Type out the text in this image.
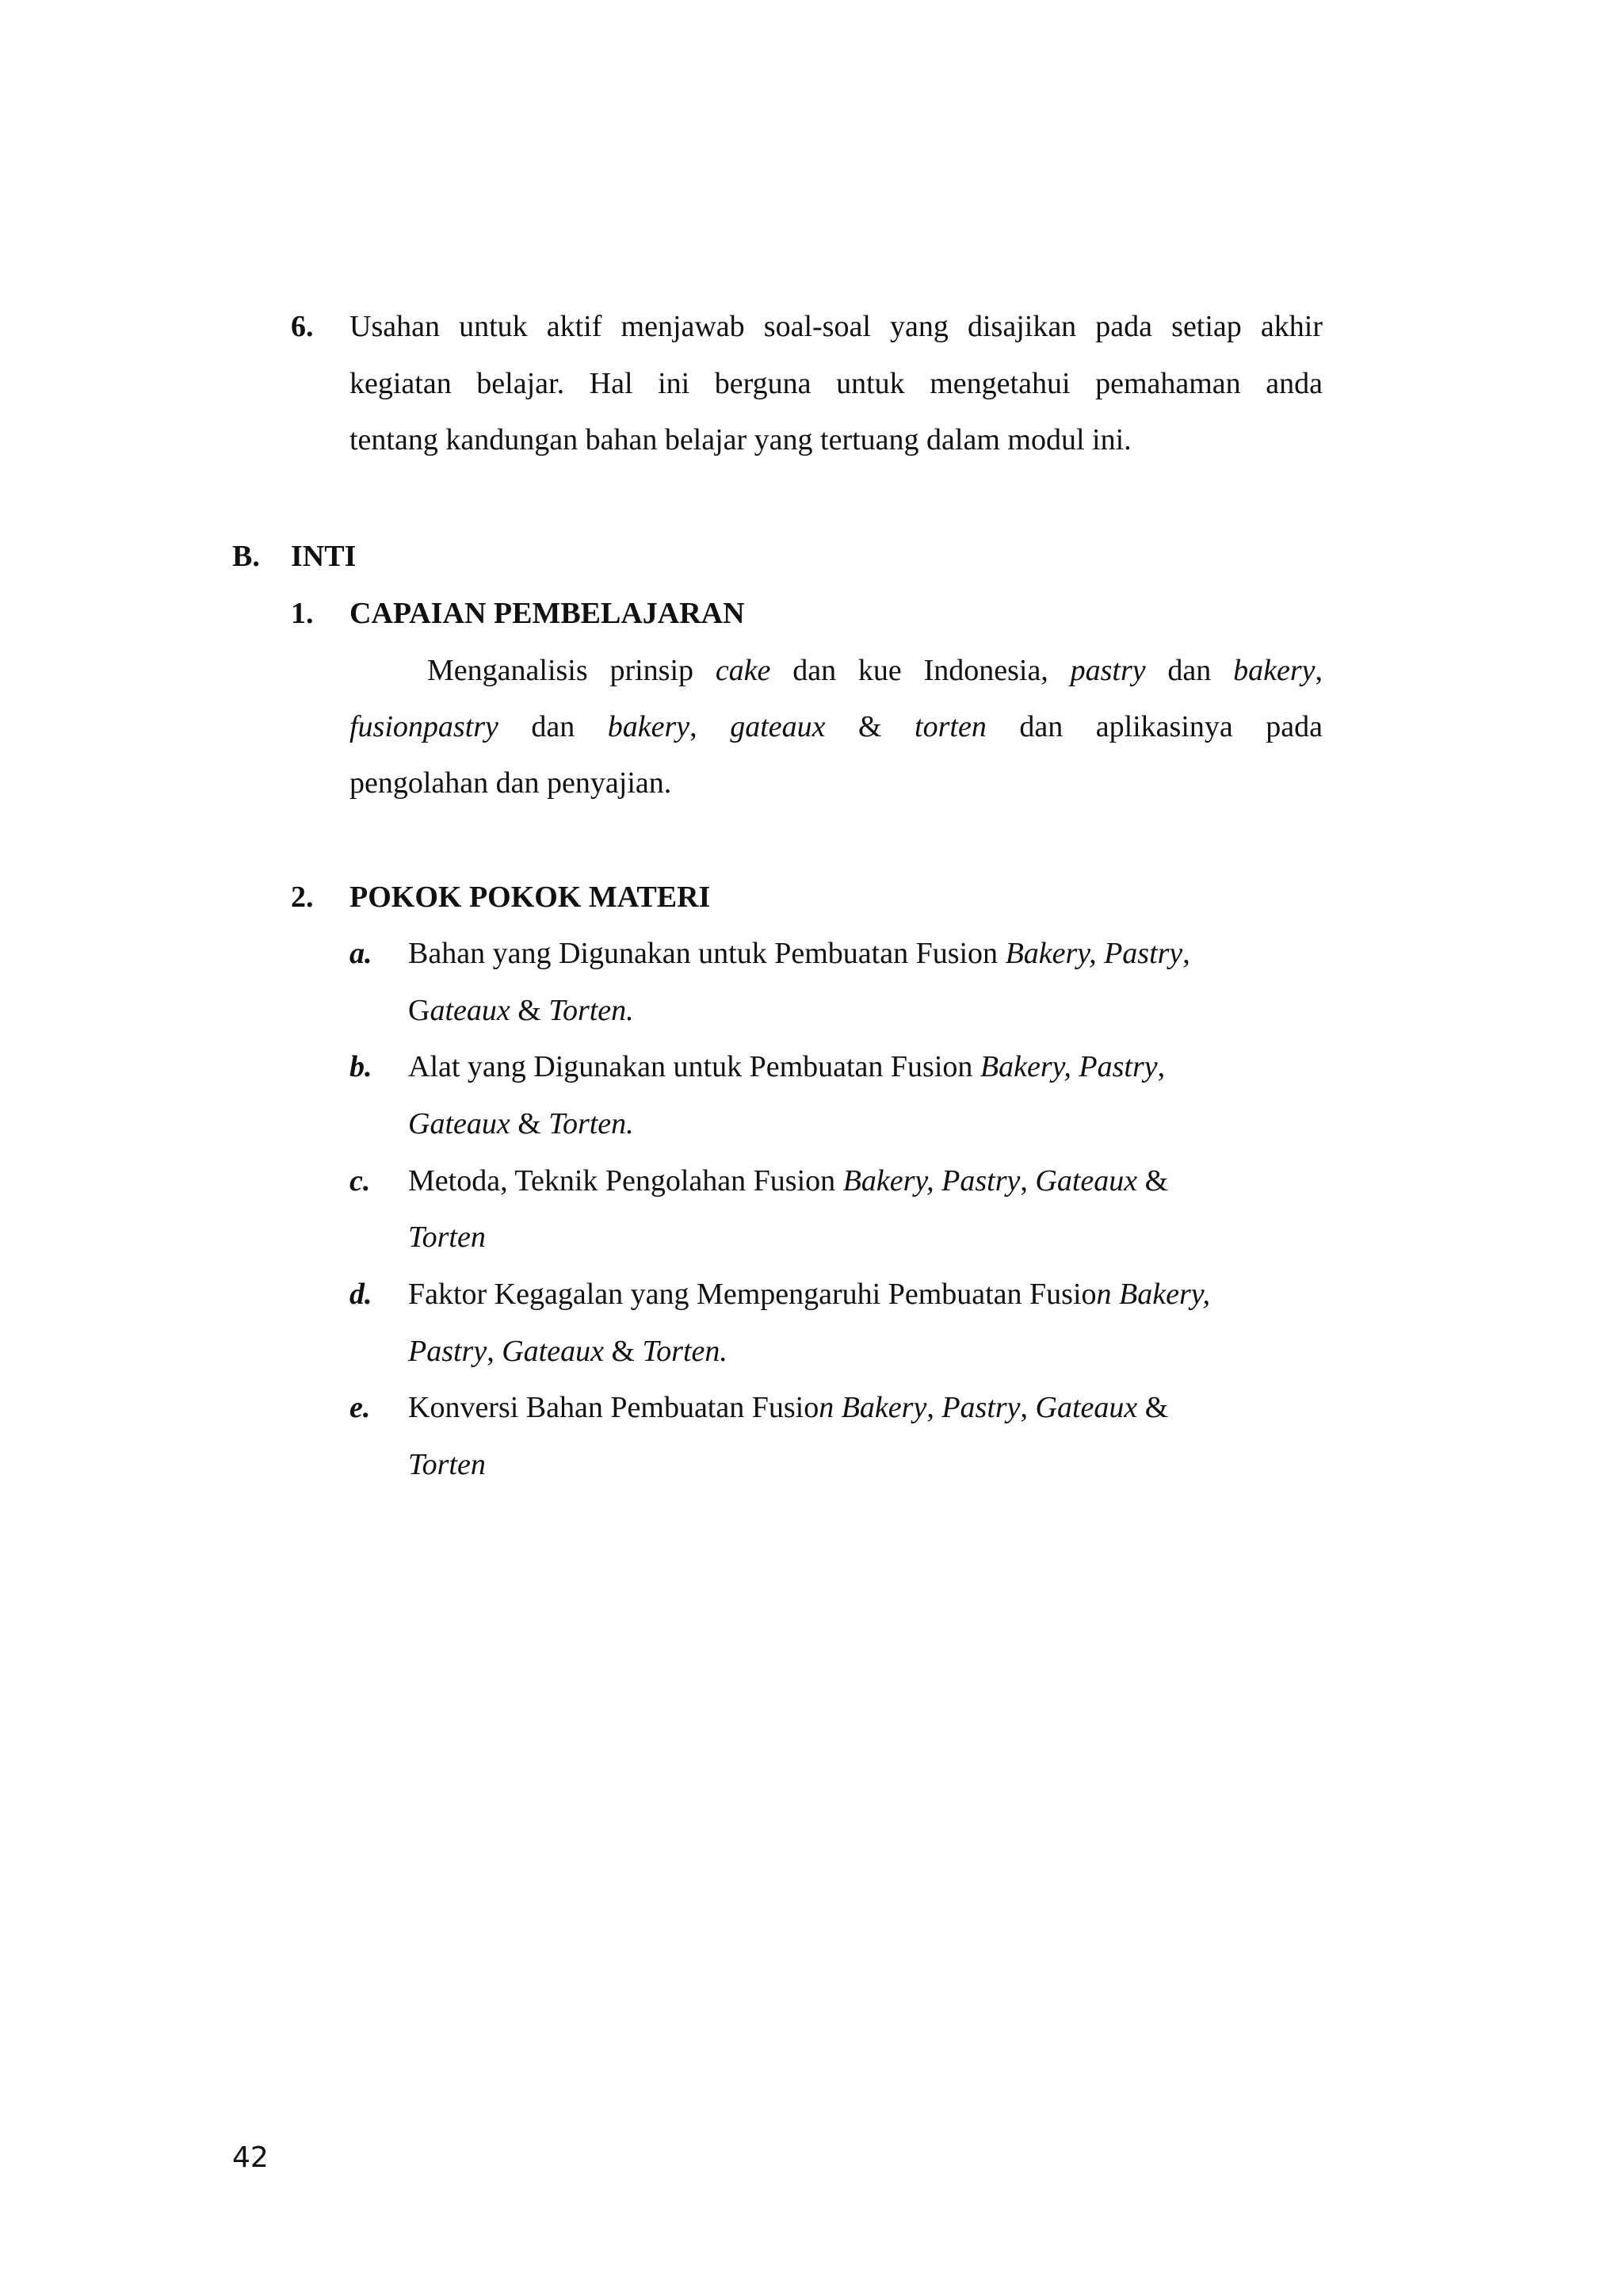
6. Usahan untuk aktif menjawab soal-soal yang disajikan pada setiap akhir
kegiatan belajar. Hal ini berguna untuk mengetahui pemahaman anda
tentang kandungan bahan belajar yang tertuang dalam modul ini.
B. INTI
1. CAPAIAN PEMBELAJARAN
Menganalisis prinsip cake dan kue Indonesia, pastry dan bakery,
fusionpastry dan bakery, gateaux & torten dan aplikasinya pada
pengolahan dan penyajian.
2. POKOK POKOK MATERI
a. Bahan yang Digunakan untuk Pembuatan Fusion Bakery, Pastry,
Gateaux & Torten.
b. Alat yang Digunakan untuk Pembuatan Fusion Bakery, Pastry,
Gateaux & Torten.
c. Metoda, Teknik Pengolahan Fusion Bakery, Pastry, Gateaux &
Torten
d. Faktor Kegagalan yang Mempengaruhi Pembuatan Fusion Bakery,
Pastry, Gateaux & Torten.
e. Konversi Bahan Pembuatan Fusion Bakery, Pastry, Gateaux &
Torten
42
